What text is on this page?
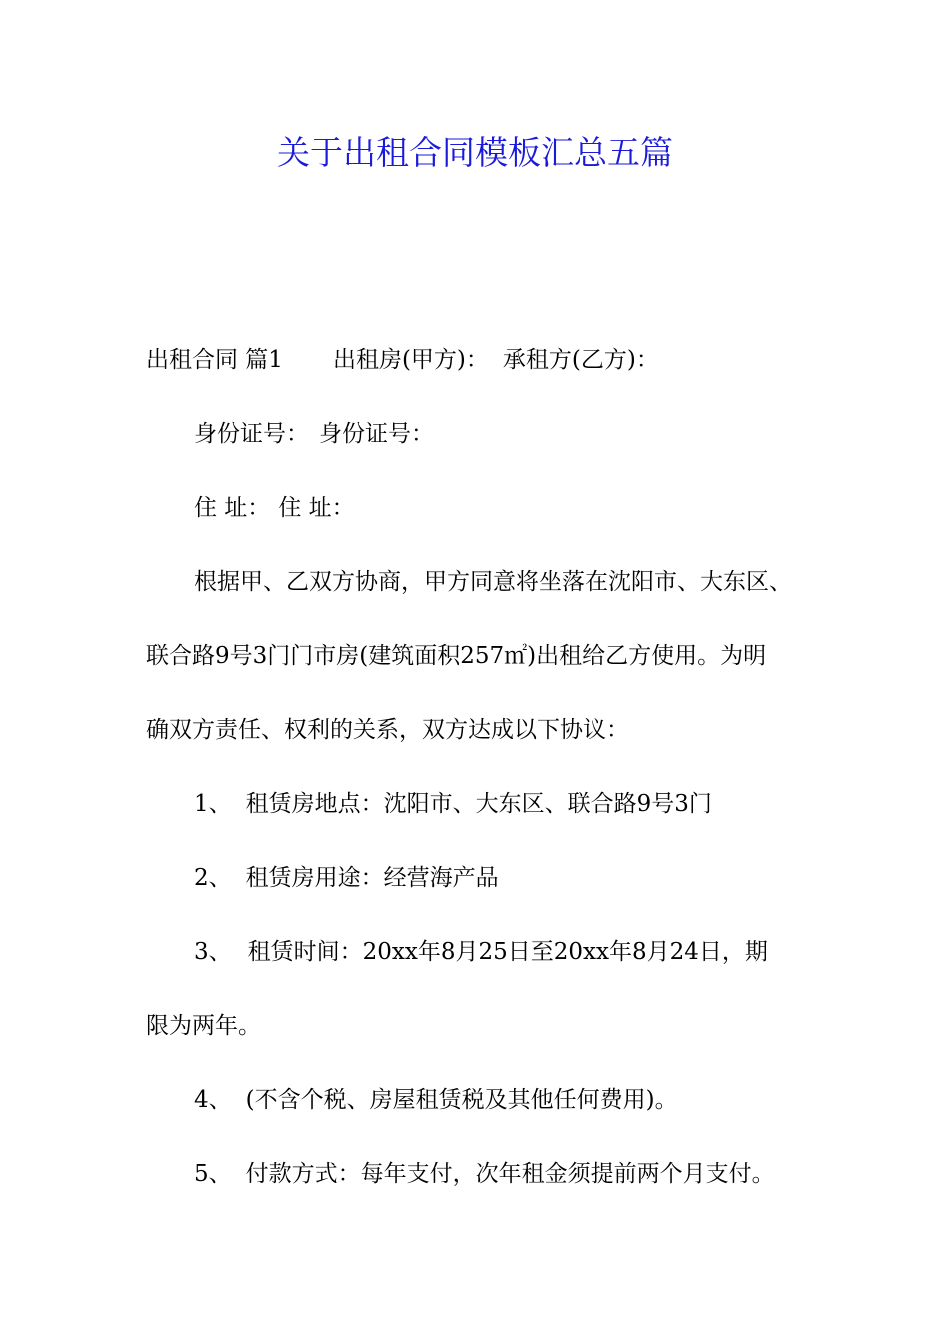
关于出租合同模板汇总五篇
出租合同 篇1 出租房(甲方)： 承租方(乙方)：
身份证号： 身份证号：
住 址： 住 址：
根据甲、乙双方协商，甲方同意将坐落在沈阳市、大东区、
联合路9号3门门市房(建筑面积257㎡)出租给乙方使用。为明
确双方责任、权利的关系，双方达成以下协议：
1、 租赁房地点：沈阳市、大东区、联合路9号3门
2、 租赁房用途：经营海产品
3、 租赁时间：20xx年8月25日至20xx年8月24日，期
限为两年。
4、 (不含个税、房屋租赁税及其他任何费用)。
5、 付款方式：每年支付，次年租金须提前两个月支付。
